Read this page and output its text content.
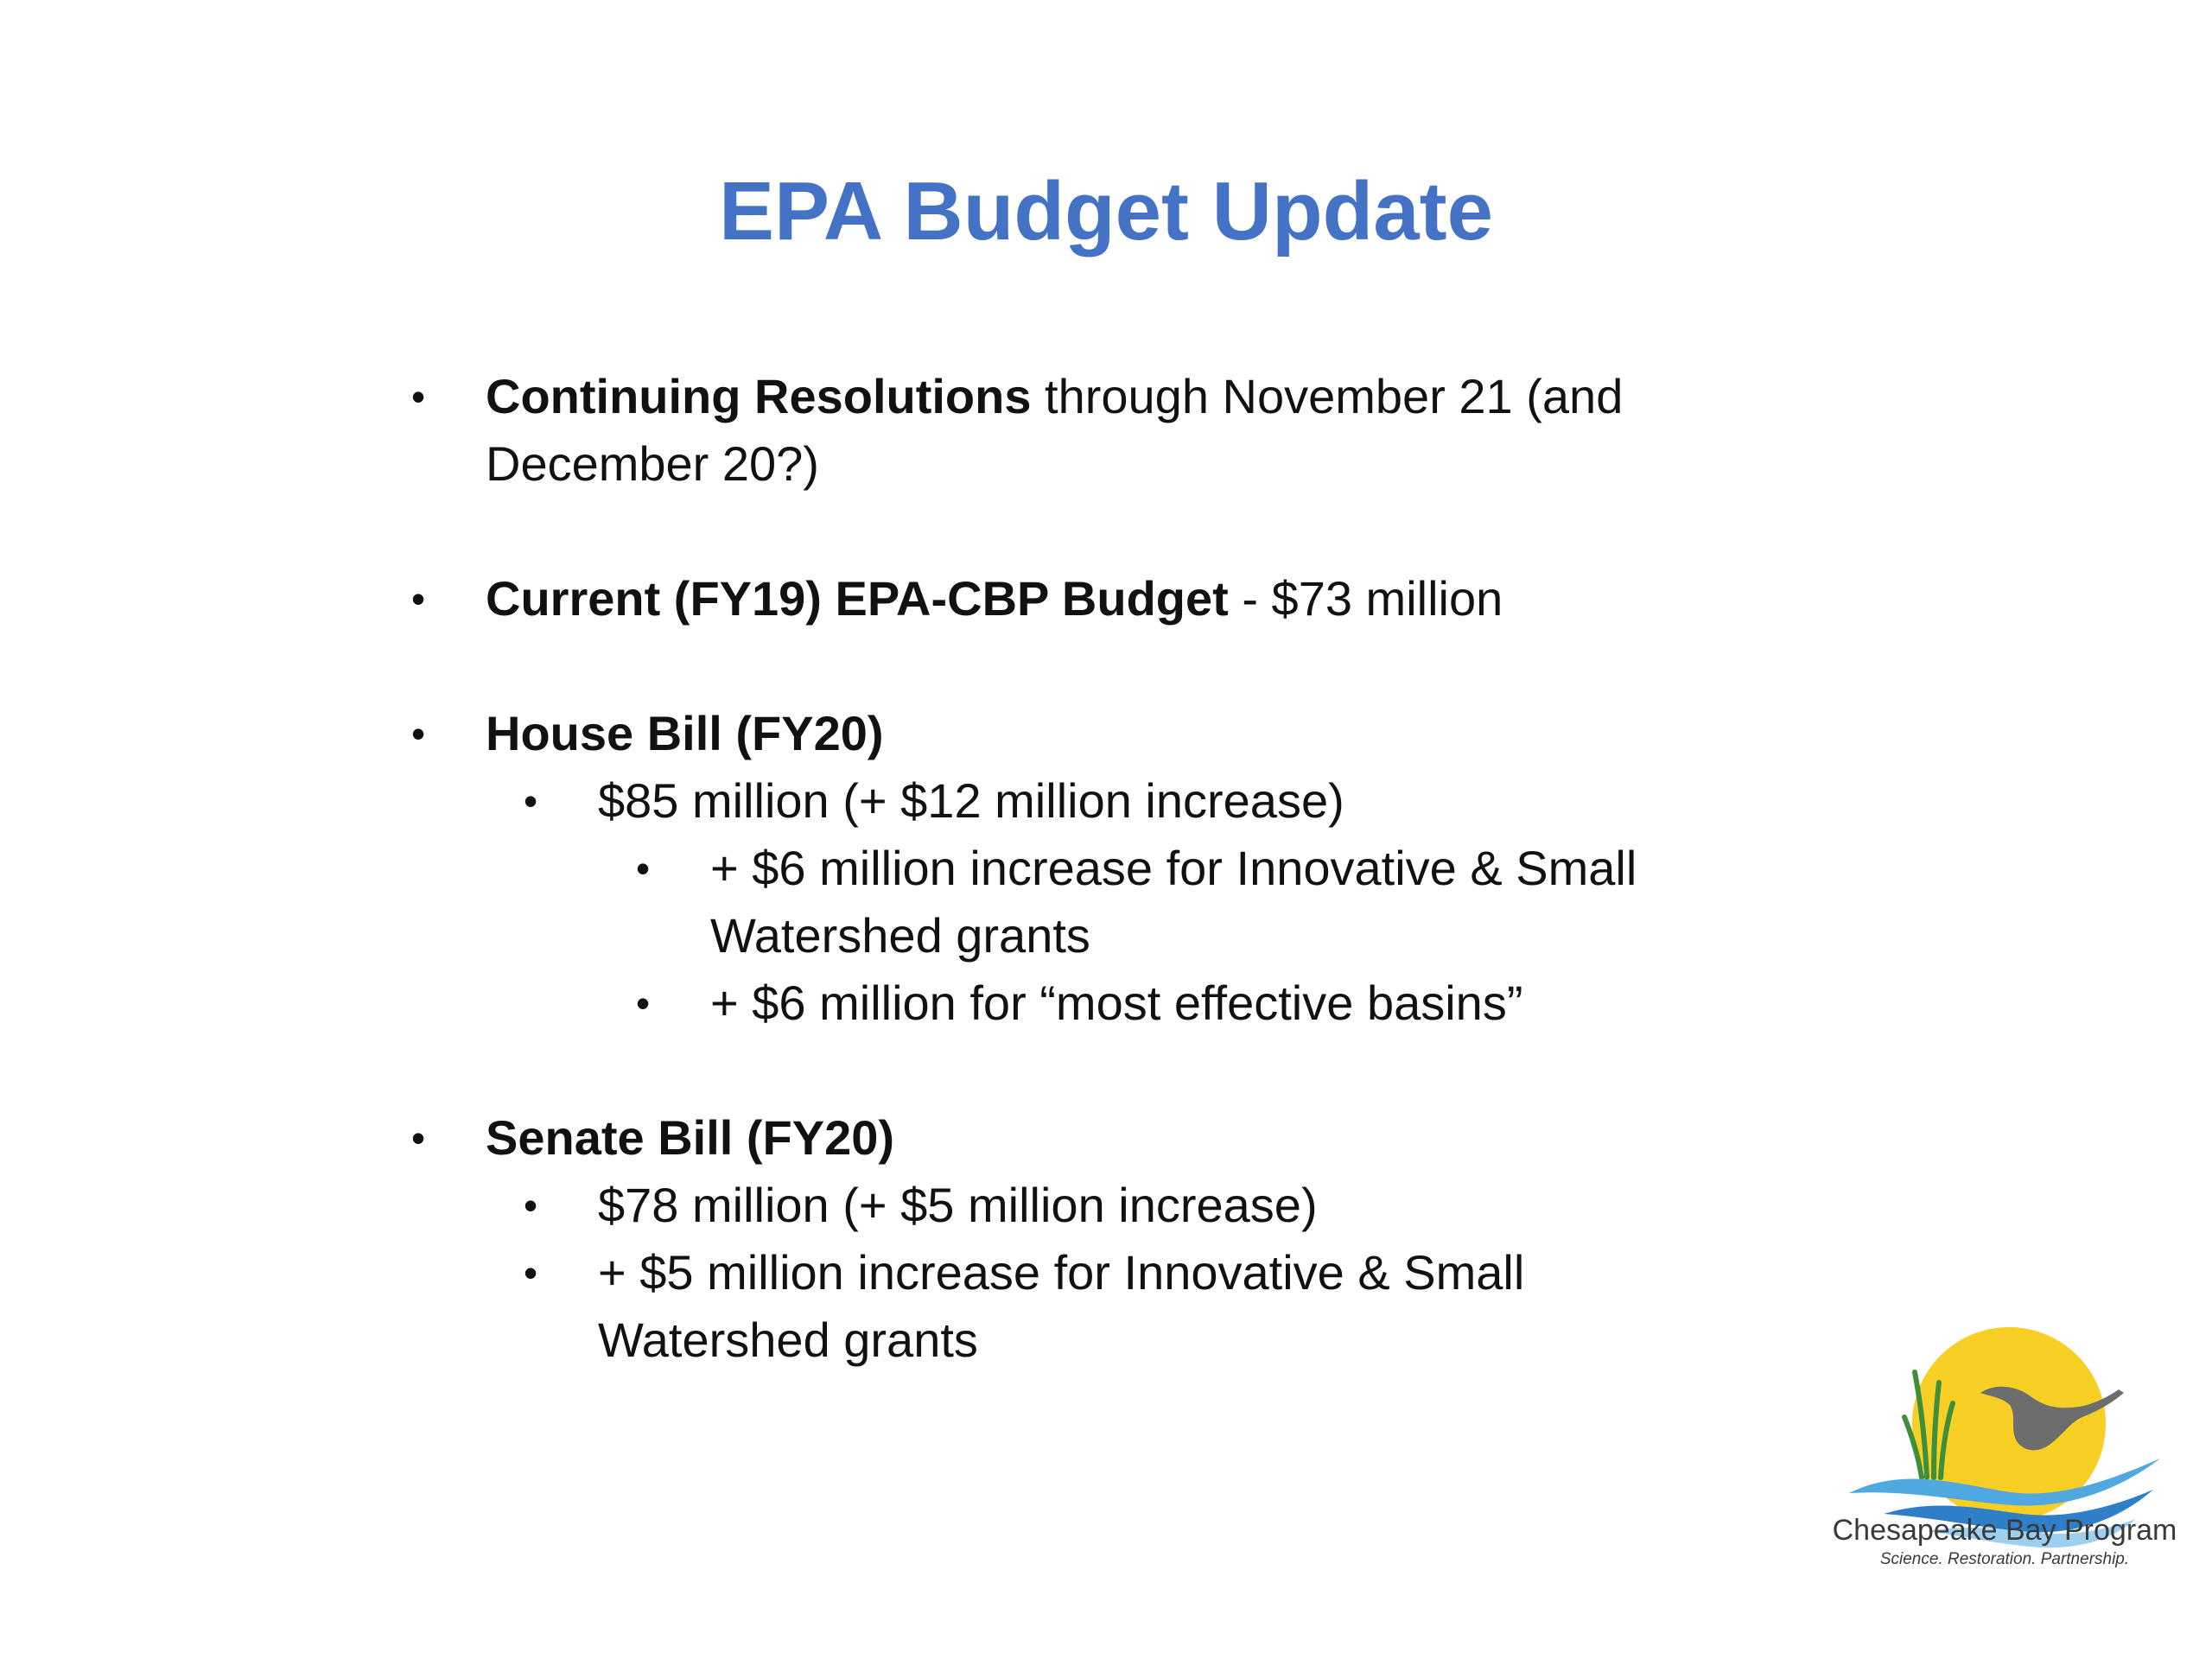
EPA Budget Update
• Continuing Resolutions through November 21 (and
December 20?)
• Current (FY19) EPA-CBP Budget - $73 million
• House Bill (FY20)
• $85 million (+ $12 million increase)
• + $6 million increase for Innovative & Small
Watershed grants
• + $6 million for “most effective basins”
• Senate Bill (FY20)
• $78 million (+ $5 million increase)
• + $5 million increase for Innovative & Small
Watershed grants
Chesapeake Bay Program
Science. Restoration. Partnership.
